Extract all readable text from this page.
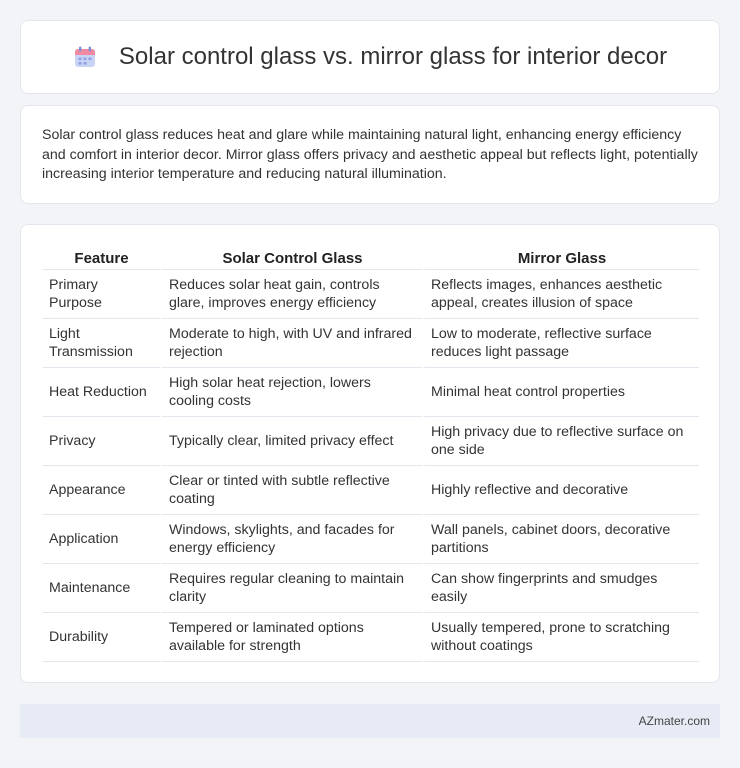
Solar control glass vs. mirror glass for interior decor

Solar control glass reduces heat and glare while maintaining natural light, enhancing energy efficiency and comfort in interior decor. Mirror glass offers privacy and aesthetic appeal but reflects light, potentially increasing interior temperature and reducing natural illumination.

Feature	Solar Control Glass	Mirror Glass
Primary Purpose	Reduces solar heat gain, controls glare, improves energy efficiency	Reflects images, enhances aesthetic appeal, creates illusion of space
Light Transmission	Moderate to high, with UV and infrared rejection	Low to moderate, reflective surface reduces light passage
Heat Reduction	High solar heat rejection, lowers cooling costs	Minimal heat control properties
Privacy	Typically clear, limited privacy effect	High privacy due to reflective surface on one side
Appearance	Clear or tinted with subtle reflective coating	Highly reflective and decorative
Application	Windows, skylights, and facades for energy efficiency	Wall panels, cabinet doors, decorative partitions
Maintenance	Requires regular cleaning to maintain clarity	Can show fingerprints and smudges easily
Durability	Tempered or laminated options available for strength	Usually tempered, prone to scratching without coatings
AZmater.com
